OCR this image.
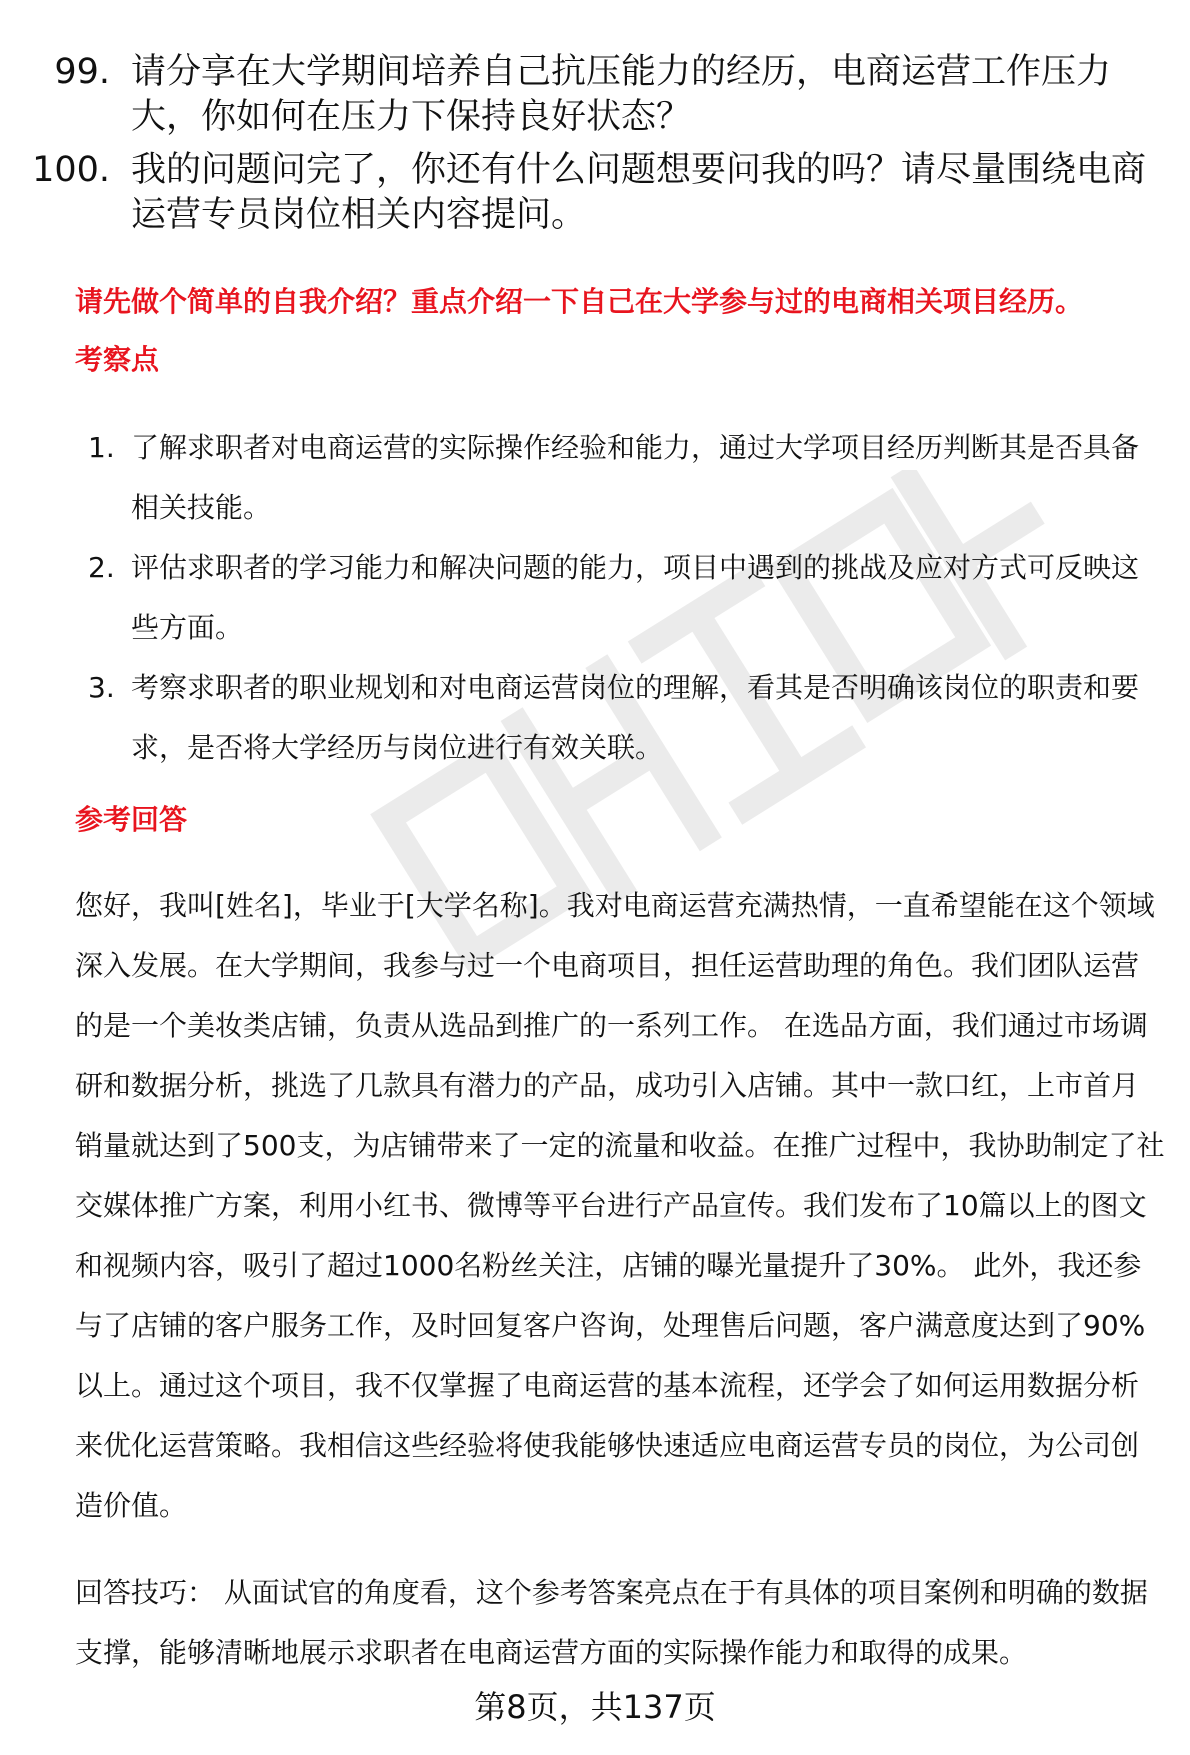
99. 请分享在大学期间培养自己抗压能力的经历，电商运营工作压力大，你如何在压力下保持良好状态？
100. 我的问题问完了，你还有什么问题想要问我的吗？请尽量围绕电商运营专员岗位相关内容提问。
请先做个简单的自我介绍？重点介绍一下自己在大学参与过的电商相关项目经历。
考察点
1. 了解求职者对电商运营的实际操作经验和能力，通过大学项目经历判断其是否具备相关技能。
2. 评估求职者的学习能力和解决问题的能力，项目中遇到的挑战及应对方式可反映这些方面。
3. 考察求职者的职业规划和对电商运营岗位的理解，看其是否明确该岗位的职责和要求，是否将大学经历与岗位进行有效关联。
参考回答
您好，我叫[姓名]，毕业于[大学名称]。我对电商运营充满热情，一直希望能在这个领域深入发展。在大学期间，我参与过一个电商项目，担任运营助理的角色。我们团队运营的是一个美妆类店铺，负责从选品到推广的一系列工作。 在选品方面，我们通过市场调研和数据分析，挑选了几款具有潜力的产品，成功引入店铺。其中一款口红，上市首月销量就达到了500支，为店铺带来了一定的流量和收益。在推广过程中，我协助制定了社交媒体推广方案，利用小红书、微博等平台进行产品宣传。我们发布了10篇以上的图文和视频内容，吸引了超过1000名粉丝关注，店铺的曝光量提升了30%。 此外，我还参与了店铺的客户服务工作，及时回复客户咨询，处理售后问题，客户满意度达到了90%以上。通过这个项目，我不仅掌握了电商运营的基本流程，还学会了如何运用数据分析来优化运营策略。我相信这些经验将使我能够快速适应电商运营专员的岗位，为公司创造价值。
回答技巧： 从面试官的角度看，这个参考答案亮点在于有具体的项目案例和明确的数据支撑，能够清晰地展示求职者在电商运营方面的实际操作能力和取得的成果。
第8页，共137页
